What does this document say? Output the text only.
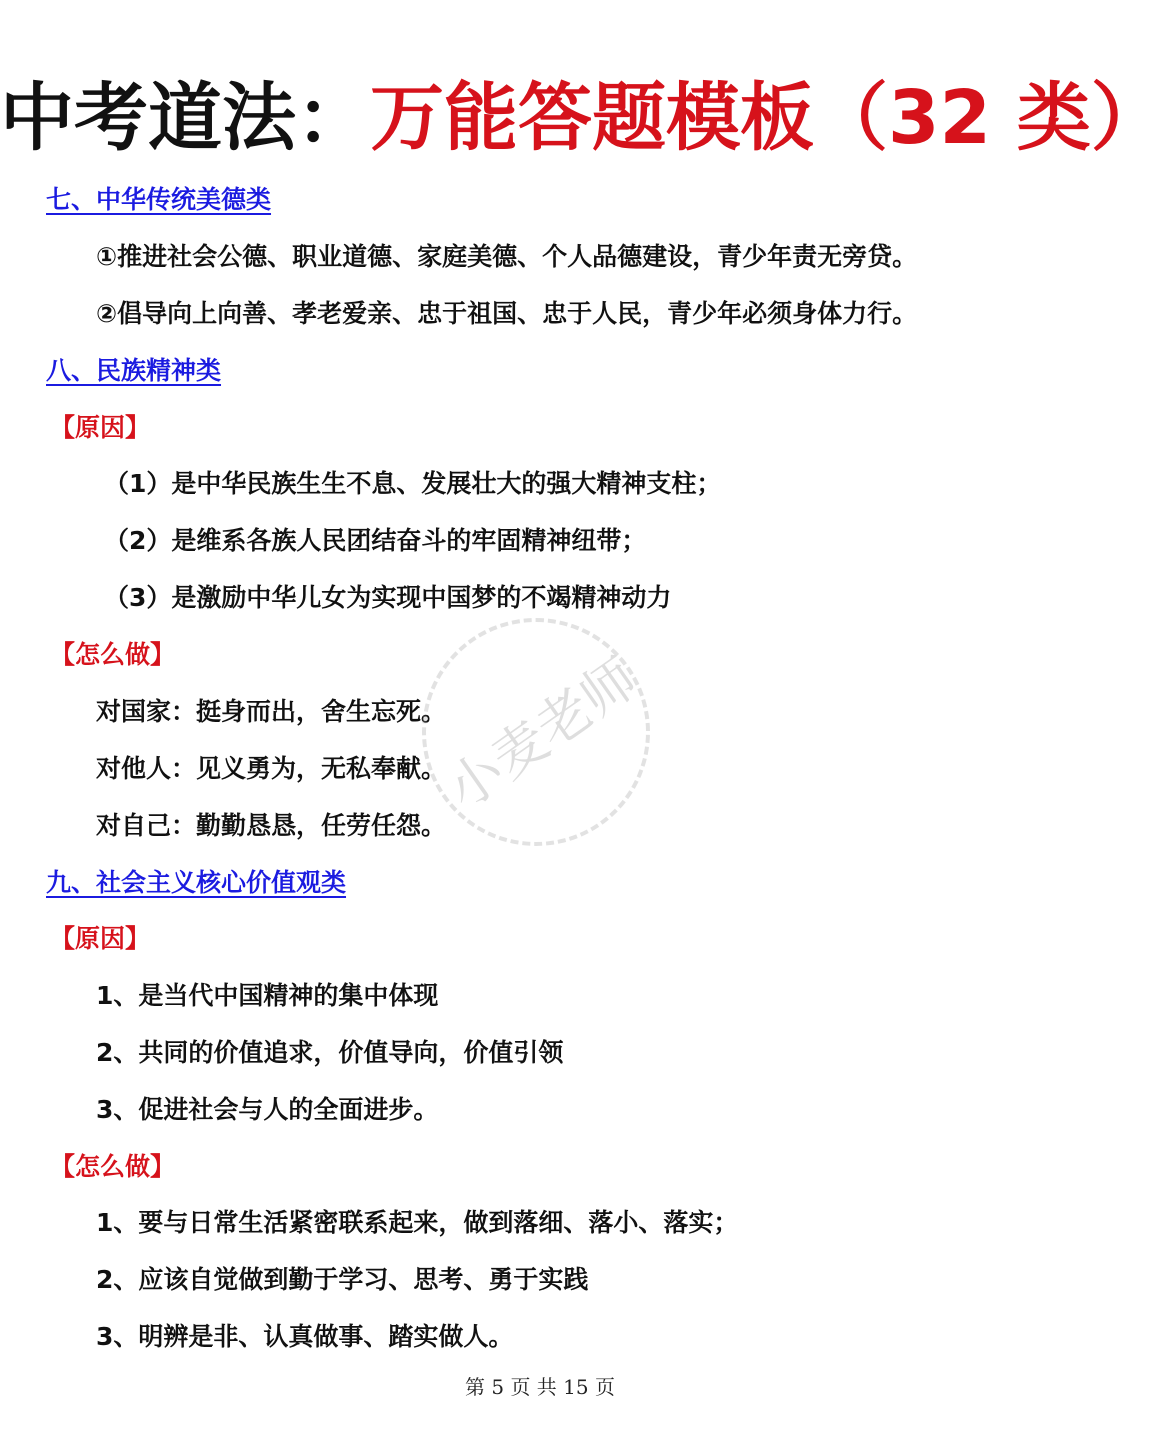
中考道法：万能答题模板（32 类）
七、中华传统美德类
①推进社会公德、职业道德、家庭美德、个人品德建设，青少年责无旁贷。
②倡导向上向善、孝老爱亲、忠于祖国、忠于人民，青少年必须身体力行。
八、民族精神类
【原因】
（1）是中华民族生生不息、发展壮大的强大精神支柱；
（2）是维系各族人民团结奋斗的牢固精神纽带；
（3）是激励中华儿女为实现中国梦的不竭精神动力
【怎么做】
对国家：挺身而出，舍生忘死。
对他人：见义勇为，无私奉献。
对自己：勤勤恳恳，任劳任怨。
九、社会主义核心价值观类
【原因】
1、是当代中国精神的集中体现
2、共同的价值追求，价值导向，价值引领
3、促进社会与人的全面进步。
【怎么做】
1、要与日常生活紧密联系起来，做到落细、落小、落实；
2、应该自觉做到勤于学习、思考、勇于实践
3、明辨是非、认真做事、踏实做人。
小麦老师
第 5 页 共 15 页
